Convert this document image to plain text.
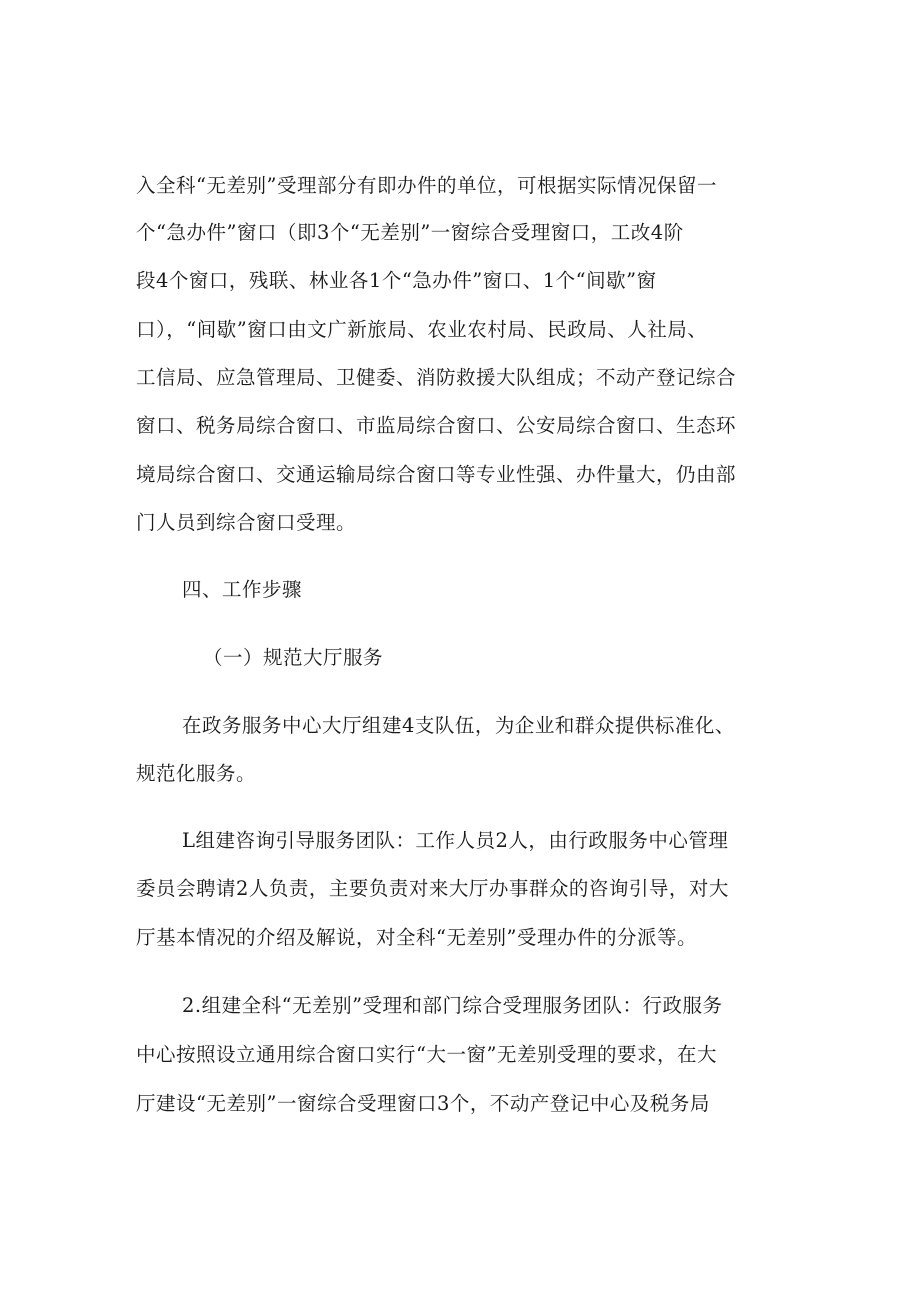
入全科“无差别”受理部分有即办件的单位，可根据实际情况保留一
个“急办件”窗口（即3个“无差别”一窗综合受理窗口，工改4阶
段4个窗口，残联、林业各1个“急办件”窗口、1个“间歇”窗
口），“间歇”窗口由文广新旅局、农业农村局、民政局、人社局、
工信局、应急管理局、卫健委、消防救援大队组成；不动产登记综合
窗口、税务局综合窗口、市监局综合窗口、公安局综合窗口、生态环
境局综合窗口、交通运输局综合窗口等专业性强、办件量大，仍由部
门人员到综合窗口受理。
四、工作步骤
（一）规范大厅服务
在政务服务中心大厅组建4支队伍，为企业和群众提供标准化、
规范化服务。
L组建咨询引导服务团队：工作人员2人，由行政服务中心管理
委员会聘请2人负责，主要负责对来大厅办事群众的咨询引导，对大
厅基本情况的介绍及解说，对全科“无差别”受理办件的分派等。
2.组建全科“无差别”受理和部门综合受理服务团队：行政服务
中心按照设立通用综合窗口实行“大一窗”无差别受理的要求，在大
厅建设“无差别”一窗综合受理窗口3个，不动产登记中心及税务局
